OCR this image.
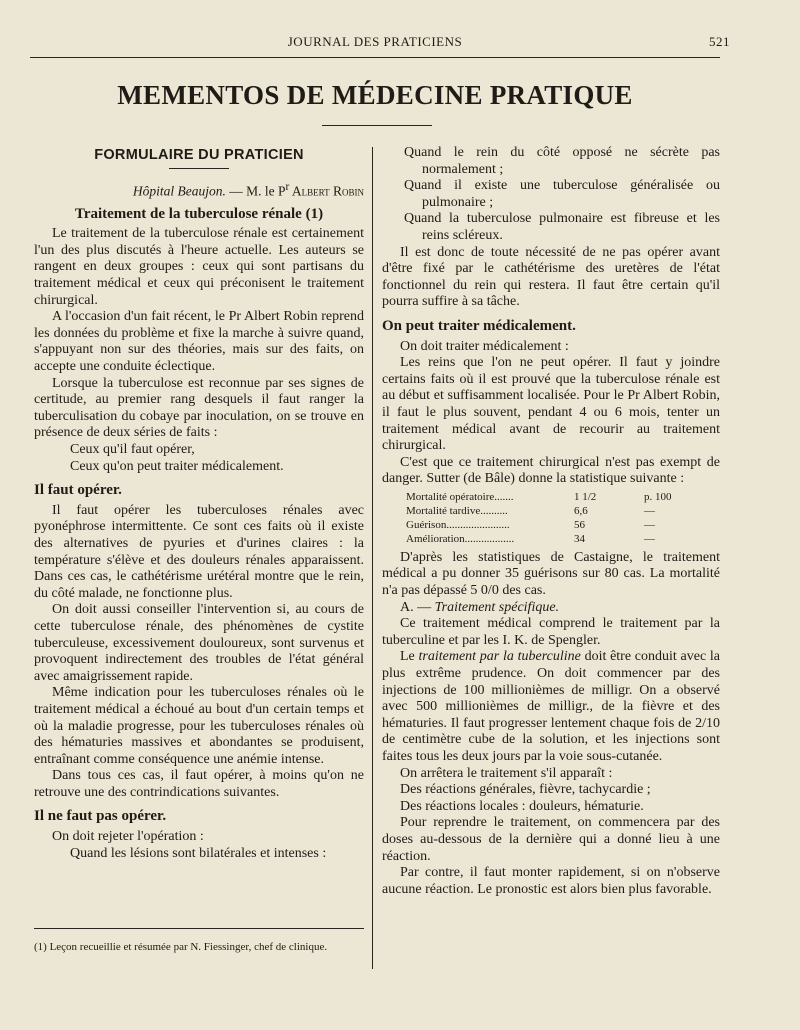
JOURNAL DES PRATICIENS	521
MEMENTOS DE MÉDECINE PRATIQUE
FORMULAIRE DU PRATICIEN
Hôpital Beaujon. — M. le $P^r$ Albert Robin
Traitement de la tuberculose rénale (1)

Le traitement de la tuberculose rénale est certainement l'un des plus discutés à l'heure actuelle. Les auteurs se rangent en deux groupes : ceux qui sont partisans du traitement médical et ceux qui préconisent le traitement chirurgical.

A l'occasion d'un fait récent, le Pr Albert Robin reprend les données du problème et fixe la marche à suivre quand, s'appuyant non sur des théories, mais sur des faits, on accepte une conduite éclectique.

Lorsque la tuberculose est reconnue par ses signes de certitude, au premier rang desquels il faut ranger la tuberculisation du cobaye par inoculation, on se trouve en présence de deux séries de faits :

Ceux qu'il faut opérer,

Ceux qu'on peut traiter médicalement.

Il faut opérer.

Il faut opérer les tuberculoses rénales avec pyonéphrose intermittente. Ce sont ces faits où il existe des alternatives de pyuries et d'urines claires : la température s'élève et des douleurs rénales apparaissent. Dans ces cas, le cathétérisme urétéral montre que le rein, du côté malade, ne fonctionne plus.

On doit aussi conseiller l'intervention si, au cours de cette tuberculose rénale, des phénomènes de cystite tuberculeuse, excessivement douloureux, sont survenus et provoquent indirectement des troubles de l'état général avec amaigrissement rapide.

Même indication pour les tuberculoses rénales où le traitement médical a échoué au bout d'un certain temps et où la maladie progresse, pour les tuberculoses rénales où des hématuries massives et abondantes se produisent, entraînant comme conséquence une anémie intense.

Dans tous ces cas, il faut opérer, à moins qu'on ne retrouve une des contrindications suivantes.

Il ne faut pas opérer.

On doit rejeter l'opération :

Quand les lésions sont bilatérales et intenses :

(1) Leçon recueillie et résumée par N. Fiessinger, chef de clinique.

Quand le rein du côté opposé ne sécrète pas normalement ;

Quand il existe une tuberculose généralisée ou pulmonaire ;

Quand la tuberculose pulmonaire est fibreuse et les reins scléreux.

Il est donc de toute nécessité de ne pas opérer avant d'être fixé par le cathétérisme des uretères de l'état fonctionnel du rein qui restera. Il faut être certain qu'il pourra suffire à sa tâche.

On peut traiter médicalement.

On doit traiter médicalement :

Les reins que l'on ne peut opérer. Il faut y joindre certains faits où il est prouvé que la tuberculose rénale est au début et suffisamment localisée. Pour le Pr Albert Robin, il faut le plus souvent, pendant 4 ou 6 mois, tenter un traitement médical avant de recourir au traitement chirurgical.

C'est que ce traitement chirurgical n'est pas exempt de danger. Sutter (de Bâle) donne la statistique suivante :

Mortalité opératoire.......	1 1/2	p. 100
Mortalité tardive..........	6,6	—
Guérison.......................	56	—
Amélioration..................	34	—

D'après les statistiques de Castaigne, le traitement médical a pu donner 35 guérisons sur 80 cas. La mortalité n'a pas dépassé 5 0/0 des cas.

A. — Traitement spécifique.

Ce traitement médical comprend le traitement par la tuberculine et par les I. K. de Spengler.

Le traitement par la tuberculine doit être conduit avec la plus extrême prudence. On doit commencer par des injections de 100 millionièmes de milligr. On a observé avec 500 millionièmes de milligr., de la fièvre et des hématuries. Il faut progresser lentement chaque fois de 2/10 de centimètre cube de la solution, et les injections sont faites tous les deux jours par la voie sous-cutanée.

On arrêtera le traitement s'il apparaît :

Des réactions générales, fièvre, tachycardie ;

Des réactions locales : douleurs, hématurie.

Pour reprendre le traitement, on commencera par des doses au-dessous de la dernière qui a donné lieu à une réaction.

Par contre, il faut monter rapidement, si on n'observe aucune réaction. Le pronostic est alors bien plus favorable.
